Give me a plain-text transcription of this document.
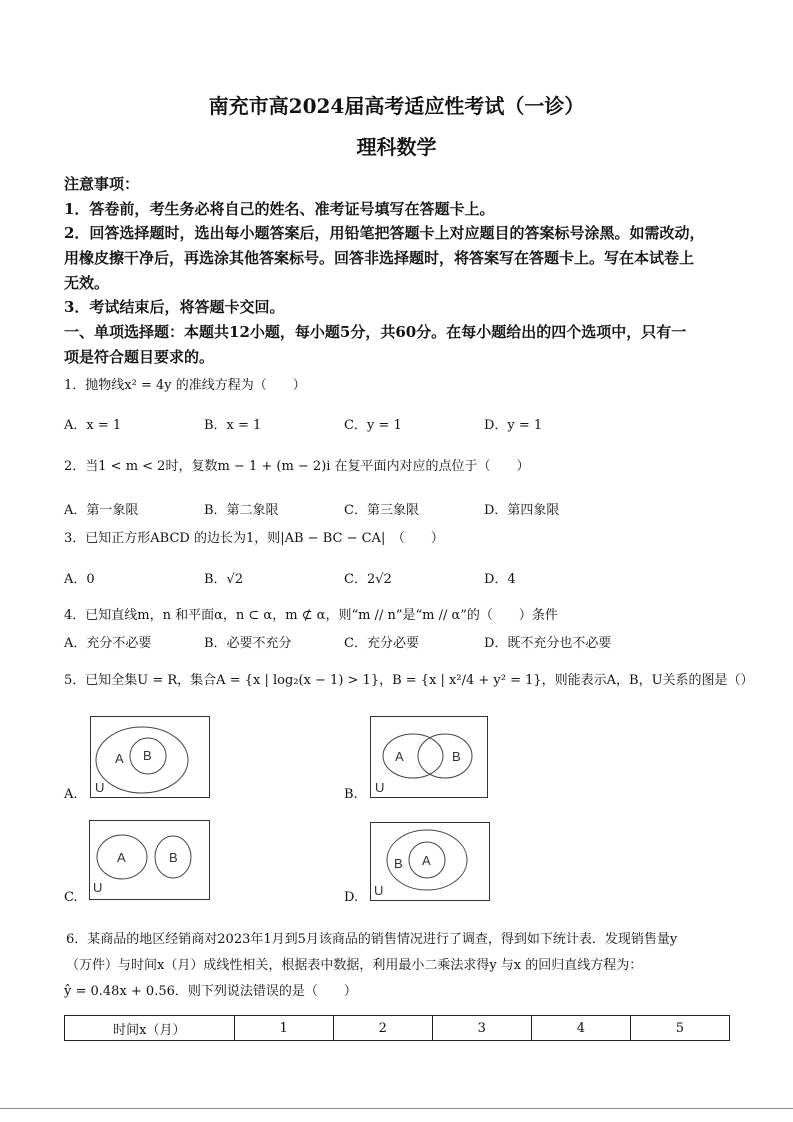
南充市高2024届高考适应性考试（一诊）
理科数学
注意事项：
1．答卷前，考生务必将自己的姓名、准考证号填写在答题卡上。
2．回答选择题时，选出每小题答案后，用铅笔把答题卡上对应题目的答案标号涂黑。如需改动，
用橡皮擦干净后，再选涂其他答案标号。回答非选择题时，将答案写在答题卡上。写在本试卷上
无效。
3．考试结束后，将答题卡交回。
一、单项选择题：本题共12小题，每小题5分，共60分。在每小题给出的四个选项中，只有一
项是符合题目要求的。
1．抛物线x² = 4y 的准线方程为（　　）
A．x = 1	B．x = 1	C．y = 1	D．y = 1
2．当1 < m < 2时，复数m − 1 + (m − 2)i 在复平面内对应的点位于（　　）
A．第一象限	B．第二象限	C．第三象限	D．第四象限
3．已知正方形ABCD 的边长为1，则|AB − BC − CA|　（　　）
A．0	B．√2	C．2√2	D．4
4．已知直线m，n 和平面α，n ⊂ α，m ⊄ α，则“m // n”是“m // α”的（　　）条件
A．充分不必要	B．必要不充分	C．充分必要	D．既不充分也不必要
5．已知全集U = R，集合A = {x | log₂(x − 1) > 1}，B = {x | x²/4 + y² = 1}，则能表示A，B，U关系的图是（）
A.
A B
U	B.
A	B
U
C.
A	B
U
D.
B A
U
6．某商品的地区经销商对2023年1月到5月该商品的销售情况进行了调查，得到如下统计表．发现销售量y
（万件）与时间x（月）成线性相关，根据表中数据，利用最小二乘法求得y 与x 的回归直线方程为：
ŷ = 0.48x + 0.56．则下列说法错误的是（　　）
时间x（月）	1	2	3	4	5
